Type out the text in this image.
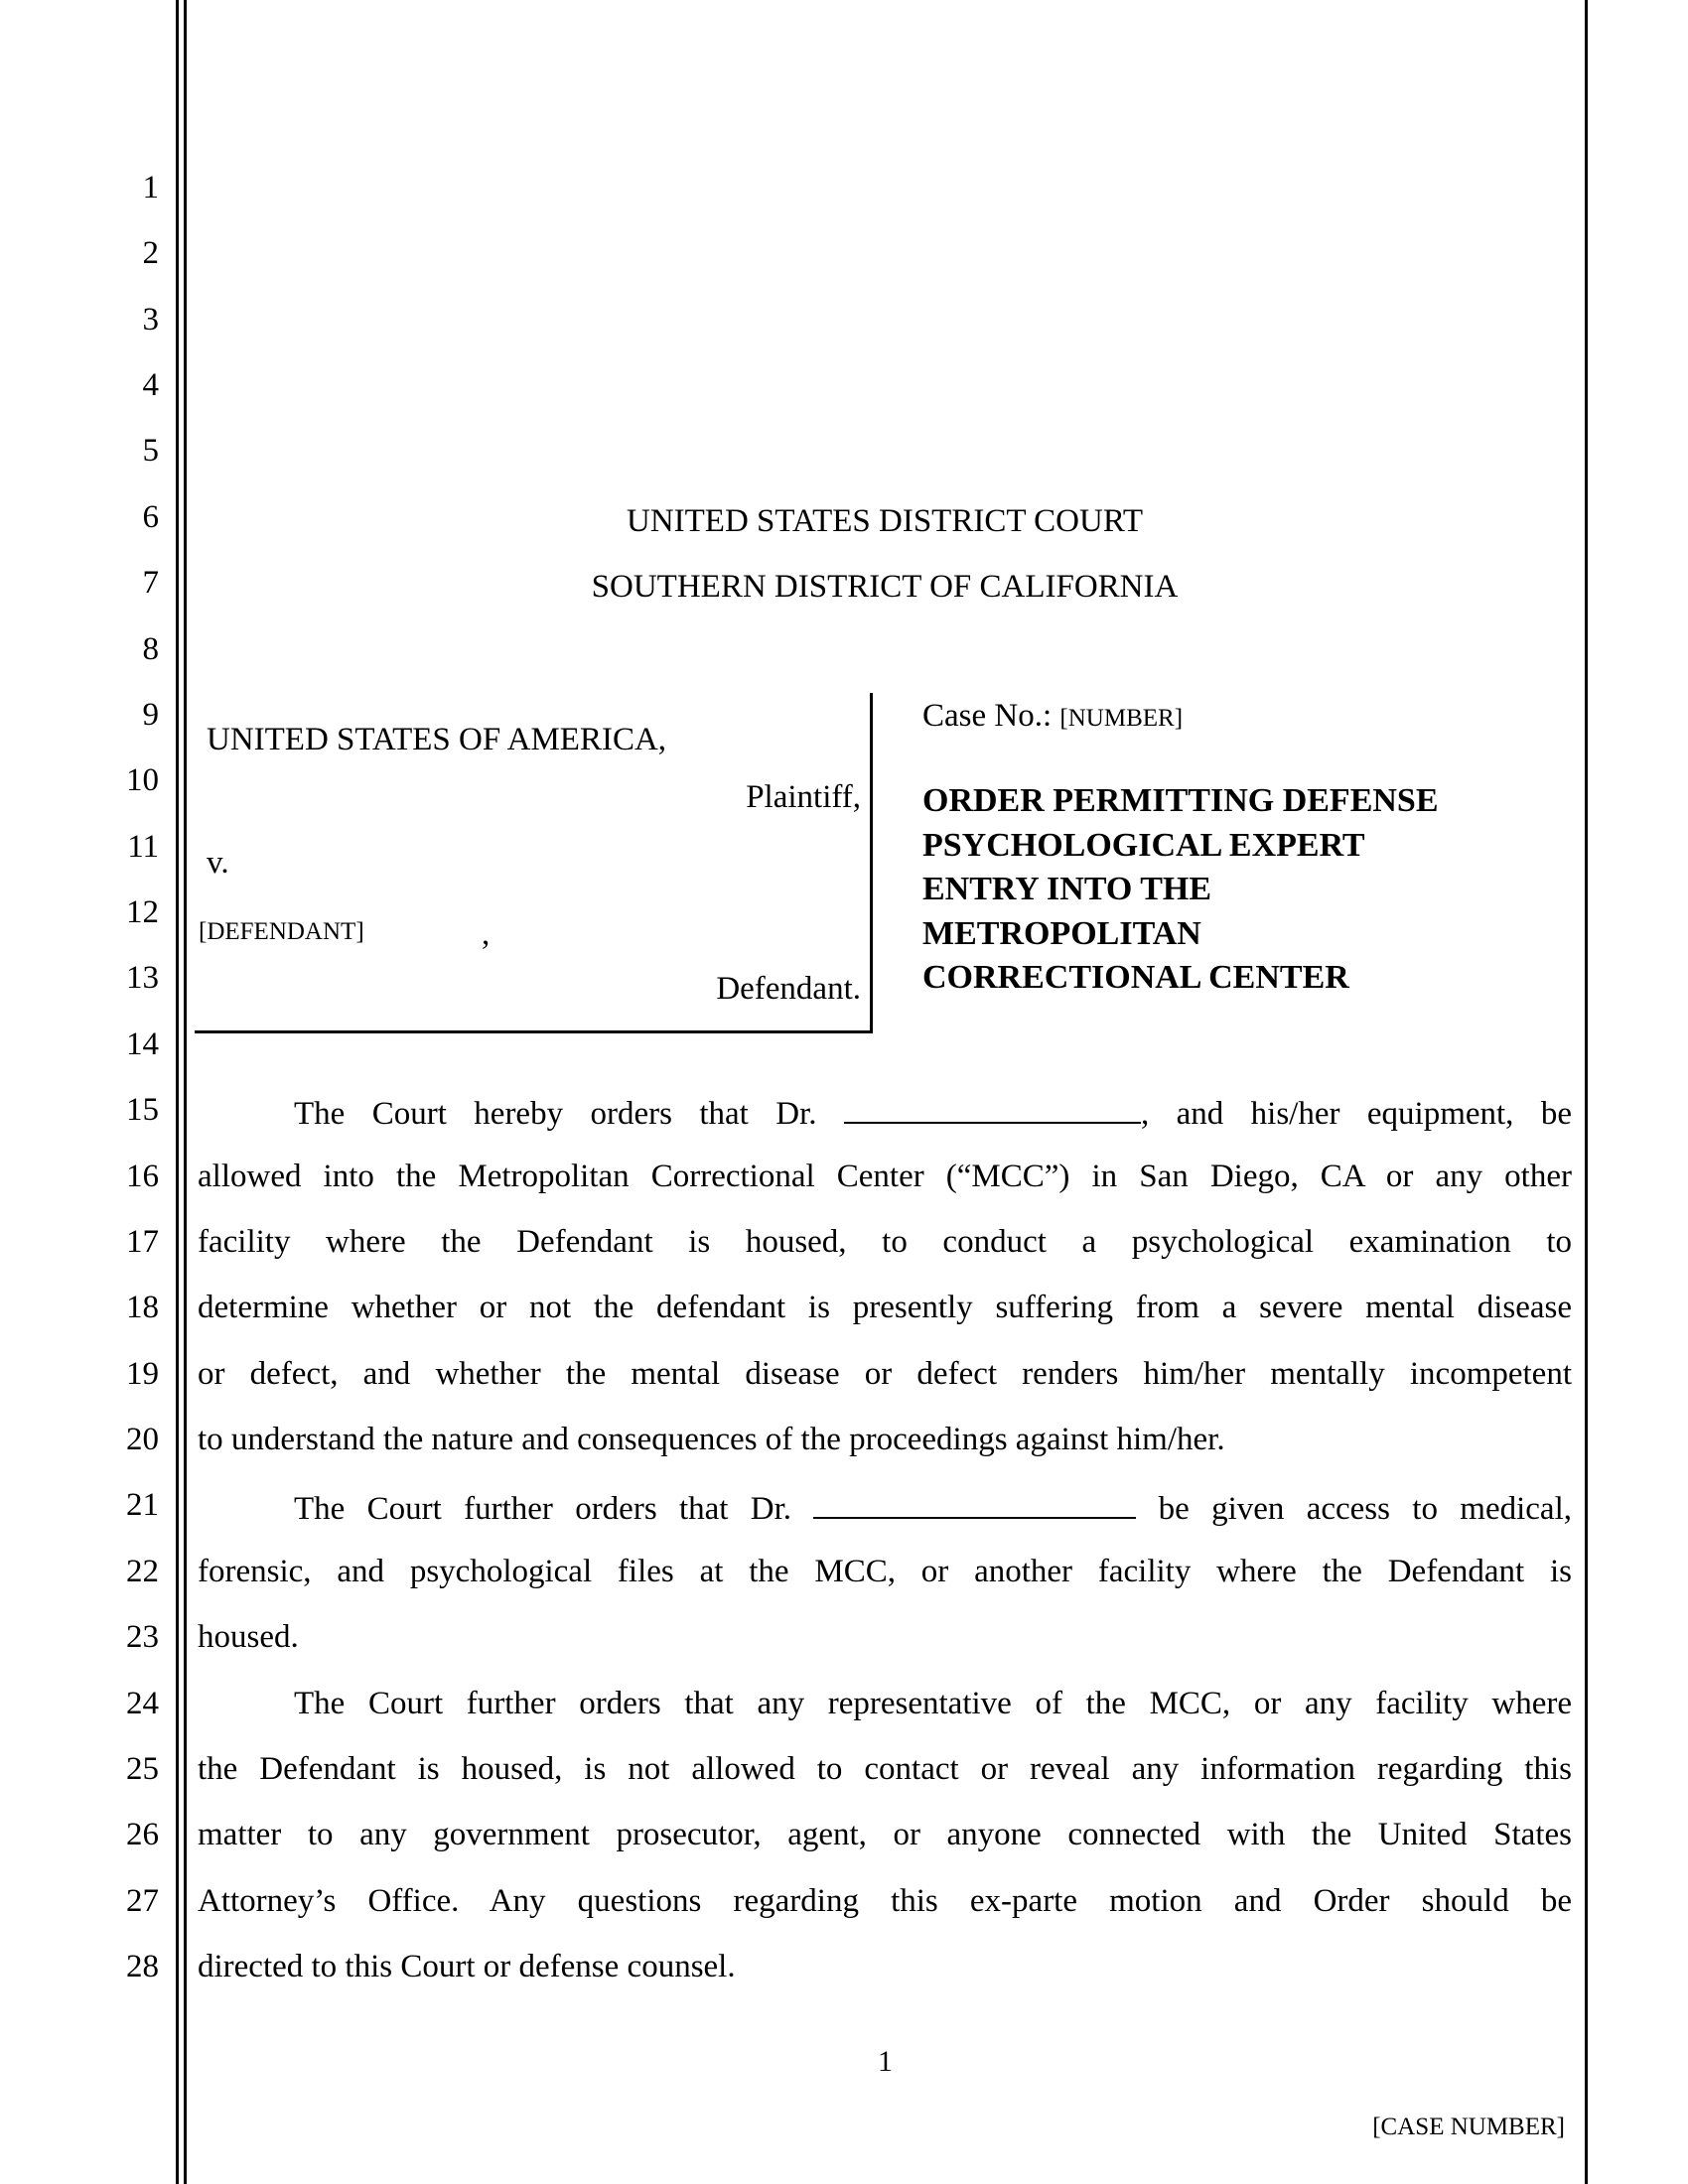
1
2
3
4
5
6
7
8
9
10
11
12
13
14
15
16
17
18
19
20
21
22
23
24
25
26
27
28
UNITED STATES DISTRICT COURT
SOUTHERN DISTRICT OF CALIFORNIA
UNITED STATES OF AMERICA,
Plaintiff,
v.
[DEFENDANT]	,
Defendant.
Case No.: [NUMBER]
ORDER PERMITTING DEFENSE
PSYCHOLOGICAL EXPERT
ENTRY INTO THE
METROPOLITAN
CORRECTIONAL CENTER
The Court hereby orders that Dr.	, and his/her equipment, be
The Court further orders that Dr.	be given access to medical,
allowed into the Metropolitan Correctional Center (“MCC”) in San Diego, CA or any other
facility where the Defendant is housed, to conduct a psychological examination to
determine whether or not the defendant is presently suffering from a severe mental disease
or defect, and whether the mental disease or defect renders him/her mentally incompetent
to understand the nature and consequences of the proceedings against him/her.
forensic, and psychological files at the MCC, or another facility where the Defendant is
housed.
The Court further orders that any representative of the MCC, or any facility where
the Defendant is housed, is not allowed to contact or reveal any information regarding this
matter to any government prosecutor, agent, or anyone connected with the United States
Attorney’s Office. Any questions regarding this ex-parte motion and Order should be
directed to this Court or defense counsel.
1
[CASE NUMBER]
